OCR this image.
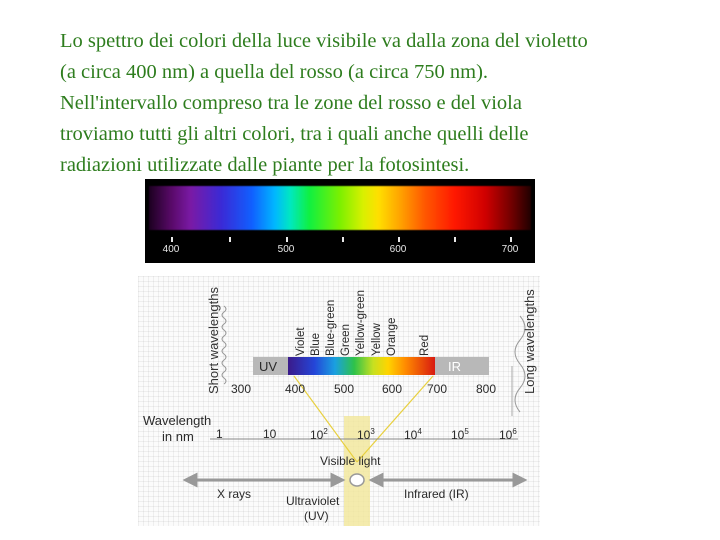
Lo spettro dei colori della luce visibile va dalla zona del violetto
(a circa 400 nm) a quella del rosso (a circa 750 nm).
Nell'intervallo compreso tra le zone del rosso e del viola
troviamo tutti gli altri colori, tra i quali anche quelli delle
radiazioni utilizzate dalle piante per la fotosintesi.
400	500	600	700
Short wavelengths	Long wavelengths
Violet Blue Blue-green Green Yellow-green Yellow Orange Red
UV	IR
300	400 500 600 700 800
Wavelength
in nm 1	10	$10^2$ $10^3$ $10^4$ $10^5$	$10^6$
Visible light
X rays	Ultraviolet
(UV)
Infrared (IR)
